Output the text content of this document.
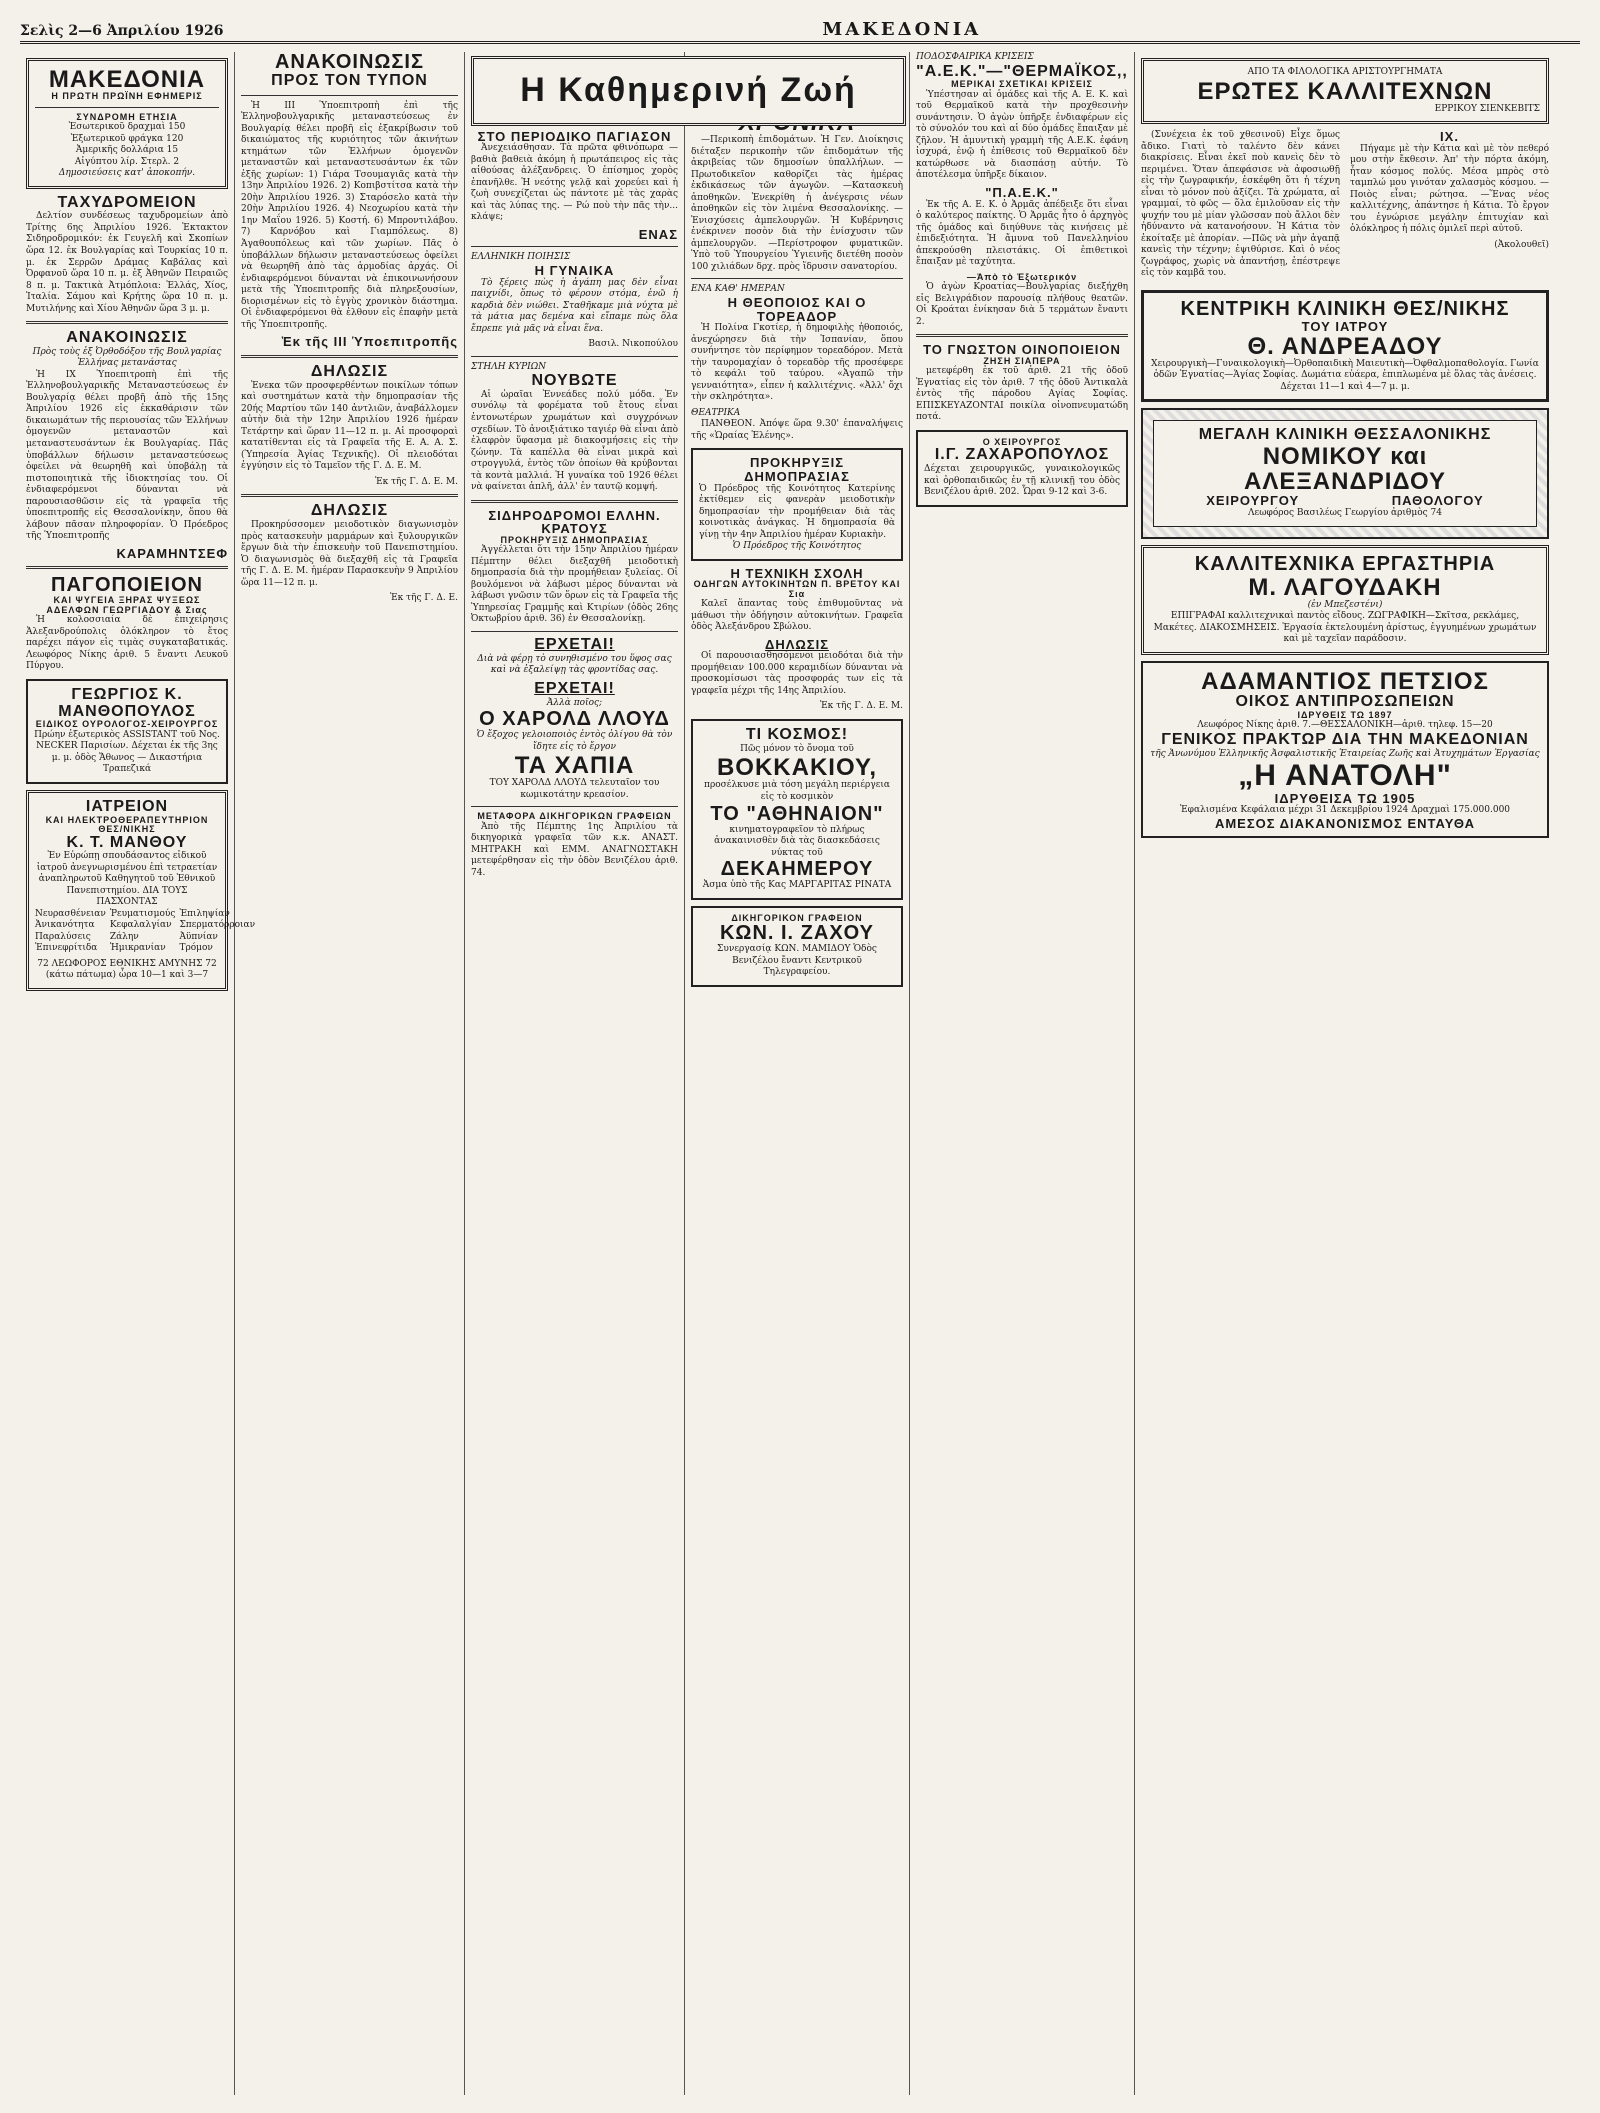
Σελὶς 2—6 Ἀπριλίου 1926	ΜΑΚΕΔΟΝΙΑ
ΜΑΚΕΔΟΝΙΑ
Η ΠΡΩΤΗ ΠΡΩΪΝΗ ΕΦΗΜΕΡΙΣ
ΣΥΝΔΡΟΜΗ ΕΤΗΣΙΑ
Ἐσωτερικοῦ δραχμαὶ 150
Ἐξωτερικοῦ φράγκα 120
Ἀμερικῆς δολλάρια 15
Αἰγύπτου λίρ. Στερλ. 2
Δημοσιεύσεις κατ' ἀποκοπήν.
ΤΑΧΥΔΡΟΜΕΙΟΝ
Δελτίον συνδέσεως ταχυδρομείων ἀπὸ Τρίτης 6ης Ἀπριλίου 1926. Ἐκτακτον Σιδηροδρομικόν: ἐκ Γευγελῆ καὶ Σκοπίων ὥρα 12. ἐκ Βουλγαρίας καὶ Τουρκίας 10 π. μ. ἐκ Σερρῶν Δράμας Καβάλας καὶ Ὀρφανοῦ ὥρα 10 π. μ. ἐξ Ἀθηνῶν Πειραιῶς 8 π. μ. Τακτικὰ Ἀτμόπλοια: Ἐλλάς, Χίος, Ἰταλία. Σάμου καὶ Κρήτης ὥρα 10 π. μ. Μυτιλήνης καὶ Χίου Ἀθηνῶν ὥρα 3 μ. μ.
ΑΝΑΚΟΙΝΩΣΙΣ
Πρὸς τοὺς ἐξ Ὀρθοδόξου τῆς Βουλγαρίας Ἑλλήνας μετανάστας
Ἡ ΙΧ Ὑποεπιτροπὴ ἐπὶ τῆς Ἑλληνοβουλγαρικῆς Μεταναστεύσεως ἐν Βουλγαρίᾳ θέλει προβῆ ἀπὸ τῆς 15ης Ἀπριλίου 1926 εἰς ἐκκαθάρισιν τῶν δικαιωμάτων τῆς περιουσίας τῶν Ἑλλήνων ὁμογενῶν μεταναστῶν καὶ μεταναστευσάντων ἐκ Βουλγαρίας. Πᾶς ὑποβάλλων δήλωσιν μεταναστεύσεως ὀφείλει νὰ θεωρηθῆ καὶ ὑποβάλῃ τὰ πιστοποιητικὰ τῆς ἰδιοκτησίας του. Οἱ ἐνδιαφερόμενοι δύνανται νὰ παρουσιασθῶσιν εἰς τὰ γραφεῖα τῆς ὑποεπιτροπῆς εἰς Θεσσαλονίκην, ὅπου θὰ λάβουν πᾶσαν πληροφορίαν. Ὁ Πρόεδρος τῆς Ὑποεπιτροπῆς
ΚΑΡΑΜΗΝΤΣΕΦ
ΠΑΓΟΠΟΙΕΙΟΝ
ΚΑΙ ΨΥΓΕΙΑ ΞΗΡΑΣ ΨΥΞΕΩΣ ΑΔΕΛΦΩΝ ΓΕΩΡΓΙΑΔΟΥ & Σιας
Ἡ κολοσσιαία δὲ ἐπιχείρησις Ἀλεξανδρούπολις ὁλόκληρον τὸ ἔτος παρέχει πάγον εἰς τιμὰς συγκαταβατικάς. Λεωφόρος Νίκης ἀριθ. 5 ἔναντι Λευκοῦ Πύργου.
ΓΕΩΡΓΙΟΣ Κ. ΜΑΝΘΟΠΟΥΛΟΣ
ΕΙΔΙΚΟΣ ΟΥΡΟΛΟΓΟΣ-ΧΕΙΡΟΥΡΓΟΣ
Πρώην ἐξωτερικὸς ASSISTANT τοῦ Νος. NECKER Παρισίων. Δέχεται ἐκ τῆς 3ης μ. μ. ὁδὸς Ἄθωνος — Δικαστήρια Τραπεζικά
ΙΑΤΡΕΙΟΝ
ΚΑΙ ΗΛΕΚΤΡΟΘΕΡΑΠΕΥΤΗΡΙΟΝ ΘΕΣ/ΝΙΚΗΣ
Κ. Τ. ΜΑΝΘΟΥ
Ἐν Εὐρώπῃ σπουδάσαντος εἰδικοῦ ἰατροῦ ἀνεγνωρισμένου ἐπὶ τετραετίαν ἀναπληρωτοῦ Καθηγητοῦ τοῦ Ἐθνικοῦ Πανεπιστημίου. ΔΙΑ ΤΟΥΣ ΠΑΣΧΟΝΤΑΣ
Νευρασθένειαν Ῥευματισμούς Ἐπιληψίαν
Ἀνικανότητα	Κεφαλαλγίαν Σπερματόρροιαν
Παραλύσεις	Ζάλην	Ἀϋπνίαν
Ἐπινεφρίτιδα	Ἡμικρανίαν	Τρόμον
72 ΛΕΩΦΟΡΟΣ ΕΘΝΙΚΗΣ ΑΜΥΝΗΣ 72 (κάτω πάτωμα) ὧρα 10—1 καὶ 3—7
ΑΝΑΚΟΙΝΩΣΙΣ
ΠΡΟΣ ΤΟΝ ΤΥΠΟΝ
Ἡ ΙΙΙ Ὑποεπιτροπὴ ἐπὶ τῆς Ἑλληνοβουλγαρικῆς μεταναστεύσεως ἐν Βουλγαρίᾳ θέλει προβῆ εἰς ἐξακρίβωσιν τοῦ δικαιώματος τῆς κυριότητος τῶν ἀκινήτων κτημάτων τῶν Ἑλλήνων ὁμογενῶν μεταναστῶν καὶ μεταναστευσάντων ἐκ τῶν ἑξῆς χωρίων: 1) Γιάρα Τσουμαγιᾶς κατὰ τὴν 13ην Ἀπριλίου 1926. 2) Κοπιβστίτσα κατὰ τὴν 20ὴν Ἀπριλίου 1926. 3) Σταρόσελο κατὰ τὴν 20ὴν Ἀπριλίου 1926. 4) Νεοχωρίου κατὰ τὴν 1ην Μαΐου 1926. 5) Κοστή. 6) Μπροντιλάβου. 7) Καρνόβου καὶ Γιαμπόλεως. 8) Ἀγαθουπόλεως καὶ τῶν χωρίων. Πᾶς ὁ ὑποβάλλων δήλωσιν μεταναστεύσεως ὀφείλει νὰ θεωρηθῆ ἀπὸ τὰς ἁρμοδίας ἀρχάς. Οἱ ἐνδιαφερόμενοι δύνανται νὰ ἐπικοινωνήσουν μετὰ τῆς Ὑποεπιτροπῆς διὰ πληρεξουσίων, διορισμένων εἰς τὸ ἐγγὺς χρονικὸν διάστημα. Οἱ ἐνδιαφερόμενοι θὰ ἐλθουν εἰς ἐπαφὴν μετὰ τῆς Ὑποεπιτροπῆς.
Ἐκ τῆς ΙΙΙ Ὑποεπιτροπῆς
ΔΗΛΩΣΙΣ
Ἐνεκα τῶν προσφερθέντων ποικίλων τόπων καὶ συστημάτων κατὰ τὴν δημοπρασίαν τῆς 20ής Μαρτίου τῶν 140 ἀντλιῶν, ἀναβάλλομεν αὐτὴν διὰ τὴν 12ην Ἀπριλίου 1926 ἡμέραν Τετάρτην καὶ ὥραν 11—12 π. μ. Αἱ προσφοραὶ κατατίθενται εἰς τὰ Γραφεῖα τῆς Ε. Α. Α. Σ. (Ὑπηρεσία Ἀγίας Τεχνικῆς). Οἱ πλειοδόται ἐγγύησιν εἰς τὸ Ταμεῖον τῆς Γ. Δ. Ε. Μ.
Ἐκ τῆς Γ. Δ. Ε. Μ.
ΔΗΛΩΣΙΣ
Προκηρύσσομεν μειοδοτικὸν διαγωνισμὸν πρὸς κατασκευὴν μαρμάρων καὶ ξυλουργικῶν ἔργων διὰ τὴν ἐπισκευὴν τοῦ Πανεπιστημίου. Ὁ διαγωνισμὸς θὰ διεξαχθῆ εἰς τὰ Γραφεῖα τῆς Γ. Δ. Ε. Μ. ἡμέραν Παρασκευὴν 9 Ἀπριλίου ὥρα 11—12 π. μ.
Ἐκ τῆς Γ. Δ. Ε.
Η Καθημερινή Ζωή
ΣΤΟ ΠΕΡΙΟΔΙΚΟ ΠΑΓΙΑΣΟΝ
Ἀνεχειάσθησαν. Τὰ πρῶτα φθινόπωρα — βαθιὰ βαθειὰ ἀκόμη ἡ πρωτάπειρος εἰς τὰς αἰθούσας ἀλέξανδρεις. Ὁ ἐπίσημος χορὸς ἐπανῆλθε. Ἡ νεότης γελᾷ καὶ χορεύει καὶ ἡ ζωὴ συνεχίζεται ὡς πάντοτε μὲ τὰς χαρὰς καὶ τὰς λύπας της. — Ρώ ποὺ τὴν πᾶς τὴν... κλάψε;
ΕΝΑΣ
ΕΛΛΗΝΙΚΗ ΠΟΙΗΣΙΣ
Η ΓΥΝΑΙΚΑ
Τὸ ξέρεις πὼς ἡ ἀγάπη μας δὲν εἶναι παιχνίδι, ὅπως τὸ φέρουν στόμα, ἐνῶ ἡ καρδιὰ δὲν νιώθει. Σταθῆκαμε μιὰ νύχτα μὲ τὰ μάτια μας δεμένα καὶ εἴπαμε πὼς ὅλα ἔπρεπε γιὰ μᾶς νὰ εἶναι ἕνα.
Βασιλ. Νικοπούλου
ΣΤΗΛΗ ΚΥΡΙΩΝ
ΝΟΥΒΩΤΕ
Αἱ ὡραῖαι Ἐννεάδες πολύ μόδα. Ἐν συνόλῳ τὰ φορέματα τοῦ ἔτους εἶναι ἐντονωτέρων χρωμάτων καὶ συγχρόνων σχεδίων. Τὸ ἀνοιξιάτικο ταγιέρ θὰ εἶναι ἀπὸ ἐλαφρὸν ὕφασμα μὲ διακοσμήσεις εἰς τὴν ζώνην. Τὰ καπέλλα θὰ εἶναι μικρὰ καὶ στρογγυλά, ἐντὸς τῶν ὁποίων θὰ κρύβονται τὰ κοντὰ μαλλιά. Ἡ γυναίκα τοῦ 1926 θέλει νὰ φαίνεται ἁπλῆ, ἀλλ' ἐν ταυτῷ κομψή.
ΣΙΔΗΡΟΔΡΟΜΟΙ ΕΛΛΗΝ. ΚΡΑΤΟΥΣ
ΠΡΟΚΗΡΥΞΙΣ ΔΗΜΟΠΡΑΣΙΑΣ
Ἀγγέλλεται ὅτι τὴν 15ην Ἀπριλίου ἡμέραν Πέμπτην θέλει διεξαχθῆ μειοδοτικὴ δημοπρασία διὰ τὴν προμήθειαν ξυλείας. Οἱ βουλόμενοι νὰ λάβωσι μέρος δύνανται νὰ λάβωσι γνῶσιν τῶν ὅρων εἰς τὰ Γραφεῖα τῆς Ὑπηρεσίας Γραμμῆς καὶ Κτιρίων (ὁδὸς 26ης Ὀκτωβρίου ἀριθ. 36) ἐν Θεσσαλονίκῃ.
ΕΡΧΕΤΑΙ!
Διὰ νὰ φέρῃ τὸ συνηθισμένο του ὕφος σας καὶ νὰ ἐξαλείψῃ τὰς φροντίδας σας.
ΕΡΧΕΤΑΙ!
Ἀλλὰ ποῖος;
Ο ΧΑΡΟΛΔ ΛΛΟΥΔ
Ὁ ἔξοχος γελοιοποιὸς ἐντὸς ὀλίγου θὰ τὸν ἴδητε εἰς τὸ ἔργον
ΤΑ ΧΑΠΙΑ
ΤΟΥ ΧΑΡΟΛΔ ΛΛΟΥΔ τελευταῖον του κωμικοτάτην κρεασίον.
ΜΕΤΑΦΟΡΑ ΔΙΚΗΓΟΡΙΚΩΝ ΓΡΑΦΕΙΩΝ
Ἀπὸ τῆς Πέμπτης 1ης Ἀπριλίου τὰ δικηγορικὰ γραφεῖα τῶν κ.κ. ΑΝΑΣΤ. ΜΗΤΡΑΚΗ καὶ ΕΜΜ. ΑΝΑΓΝΩΣΤΑΚΗ μετεφέρθησαν εἰς τὴν ὁδὸν Βενιζέλου ἀριθ. 74.
—Περικοπὴ ἐπιδομάτων. Ἡ Γεν. Διοίκησις διέταξεν περικοπὴν τῶν ἐπιδομάτων τῆς ἀκριβείας τῶν δημοσίων ὑπαλλήλων. —Πρωτοδικεῖον καθορίζει τὰς ἡμέρας ἐκδικάσεως τῶν ἀγωγῶν. —Κατασκευὴ ἀποθηκῶν. Ἐνεκρίθη ἡ ἀνέγερσις νέων ἀποθηκῶν εἰς τὸν λιμένα Θεσσαλονίκης. —Ἐνισχύσεις ἀμπελουργῶν. Ἡ Κυβέρνησις ἐνέκρινεν ποσὸν διὰ τὴν ἐνίσχυσιν τῶν ἀμπελουργῶν. —Περίστροφον φυματικῶν. Ὑπὸ τοῦ Ὑπουργείου Ὑγιεινῆς διετέθη ποσὸν 100 χιλιάδων δρχ. πρὸς ἵδρυσιν σανατορίου.
ΕΝΑ ΚΑΘ' ΗΜΕΡΑΝ
Η ΘΕΟΠΟΙΟΣ ΚΑΙ Ο ΤΟΡΕΑΔΟΡ
Ἡ Πολίνα Γκοτίερ, ἡ δημοφιλὴς ἠθοποιός, ἀνεχώρησεν διὰ τὴν Ἰσπανίαν, ὅπου συνήντησε τὸν περίφημον τορεαδόρον. Μετὰ τὴν ταυρομαχίαν ὁ τορεαδὸρ τῆς προσέφερε τὸ κεφάλι τοῦ ταύρου. «Ἀγαπῶ τὴν γενναιότητα», εἶπεν ἡ καλλιτέχνις. «Ἀλλ' ὄχι τὴν σκληρότητα».
ΘΕΑΤΡΙΚΑ
ΠΑΝΘΕΟΝ. Ἀπόψε ὥρα 9.30' ἐπαναλήψεις τῆς «Ὡραίας Ἑλένης».
ΠΡΟΚΗΡΥΞΙΣ ΔΗΜΟΠΡΑΣΙΑΣ
Ὁ Πρόεδρος τῆς Κοινότητος Κατερίνης ἐκτίθεμεν εἰς φανερὰν μειοδοτικὴν δημοπρασίαν τὴν προμήθειαν διὰ τὰς κοινοτικὰς ἀνάγκας. Ἡ δημοπρασία θὰ γίνῃ τὴν 4ην Ἀπριλίου ἡμέραν Κυριακὴν.
Ὁ Πρόεδρος τῆς Κοινότητος
Η ΤΕΧΝΙΚΗ ΣΧΟΛΗ
ΟΔΗΓΩΝ ΑΥΤΟΚΙΝΗΤΩΝ Π. ΒΡΕΤΟΥ ΚΑΙ Σια
Καλεῖ ἅπαντας τοὺς ἐπιθυμοῦντας νὰ μάθωσι τὴν ὁδήγησιν αὐτοκινήτων. Γραφεῖα ὁδὸς Ἀλεξάνδρου Σβώλου.
ΔΗΛΩΣΙΣ
Οἱ παρουσιασθησόμενοι μειοδόται διὰ τὴν προμήθειαν 100.000 κεραμιδίων δύνανται νὰ προσκομίσωσι τὰς προσφοράς των εἰς τὰ γραφεῖα μέχρι τῆς 14ης Ἀπριλίου.
Ἐκ τῆς Γ. Δ. Ε. Μ.
ΤΙ ΚΟΣΜΟΣ!
Πῶς μόνον τὸ ὄνομα τοῦ
ΒΟΚΚΑΚΙΟΥ,
προσέλκυσε μιὰ τόση μεγάλη περιέργεια εἰς τὸ κοσμικὸν
ΤΟ "ΑΘΗΝΑΙΟΝ"
κινηματογραφεῖον τὸ πλήρως ἀνακαινισθὲν διὰ τὰς διασκεδάσεις νύκτας τοῦ
ΔΕΚΑΗΜΕΡΟΥ
Ἀσμα ὑπὸ τῆς Κας ΜΑΡΓΑΡΙΤΑΣ ΡΙΝΑΤΑ
ΔΙΚΗΓΟΡΙΚΟΝ ΓΡΑΦΕΙΟΝ
ΚΩΝ. Ι. ΖΑΧΟΥ
Συνεργασίᾳ ΚΩΝ. ΜΑΜΙΔΟΥ Ὁδὸς Βενιζέλου ἔναντι Κεντρικοῦ Τηλεγραφείου.
ΠΟΔΟΣΦΑΙΡΙΚΑ ΚΡΙΣΕΙΣ
"Α.Ε.Κ."—"ΘΕΡΜΑΪΚΟΣ,,
ΜΕΡΙΚΑΙ ΣΧΕΤΙΚΑΙ ΚΡΙΣΕΙΣ
Ὑπέστησαν αἱ ὁμάδες καὶ τῆς Α. Ε. Κ. καὶ τοῦ Θερμαϊκοῦ κατὰ τὴν προχθεσινὴν συνάντησιν. Ὁ ἀγὼν ὑπῆρξε ἐνδιαφέρων εἰς τὸ σύνολόν του καὶ αἱ δύο ὁμάδες ἔπαιξαν μὲ ζῆλον. Ἡ ἀμυντικὴ γραμμὴ τῆς Α.Ε.Κ. ἐφάνη ἰσχυρά, ἐνῷ ἡ ἐπίθεσις τοῦ Θερμαϊκοῦ δὲν κατώρθωσε νὰ διασπάσῃ αὐτήν. Τὸ ἀποτέλεσμα ὑπῆρξε δίκαιον.
"Π.Α.Ε.Κ."
Ἐκ τῆς Α. Ε. Κ. ὁ Ἀρμᾶς ἀπέδειξε ὅτι εἶναι ὁ καλύτερος παίκτης. Ὁ Ἀρμᾶς ἦτο ὁ ἀρχηγὸς τῆς ὁμάδος καὶ διηύθυνε τὰς κινήσεις μὲ ἐπιδεξιότητα. Ἡ ἄμυνα τοῦ Πανελληνίου ἀπεκρούσθη πλειστάκις. Οἱ ἐπιθετικοὶ ἔπαιξαν μὲ ταχύτητα.
—Ἀπὸ τὸ Ἐξωτερικόν
Ὁ ἀγὼν Κροατίας—Βουλγαρίας διεξήχθη εἰς Βελιγράδιον παρουσίᾳ πλήθους θεατῶν. Οἱ Κροάται ἐνίκησαν διὰ 5 τερμάτων ἔναντι 2.
ΤΟ ΓΝΩΣΤΟΝ ΟΙΝΟΠΟΙΕΙΟΝ
ΖΗΣΗ ΣΙΑΠΕΡΑ
μετεφέρθη ἐκ τοῦ ἀριθ. 21 τῆς ὁδοῦ Ἐγνατίας εἰς τὸν ἀριθ. 7 τῆς ὁδοῦ Ἀντικαλὰ ἐντὸς τῆς πάροδου Αγίας Σοφίας. ΕΠΙΣΚΕΥΑΖΟΝΤΑΙ ποικίλα οἰνοπνευματώδη ποτά.
Ο ΧΕΙΡΟΥΡΓΟΣ
Ι.Γ. ΖΑΧΑΡΟΠΟΥΛΟΣ
Δέχεται χειρουργικῶς, γυναικολογικῶς καὶ ὀρθοπαιδικῶς ἐν τῇ κλινικῇ του ὁδὸς Βενιζέλου ἀριθ. 202. Ὧραι 9-12 καὶ 3-6.
ΑΠΟ ΤΑ ΦΙΛΟΛΟΓΙΚΑ ΑΡΙΣΤΟΥΡΓΗΜΑΤΑ
ΕΡΩΤΕΣ ΚΑΛΛΙΤΕΧΝΩΝ
ΕΡΡΙΚΟΥ ΣΙΕΝΚΕΒΙΤΣ
(Συνέχεια ἐκ τοῦ χθεσινοῦ) Εἶχε ὅμως ἄδικο. Γιατὶ τὸ ταλέντο δὲν κάνει διακρίσεις. Εἶναι ἐκεῖ ποὺ κανεὶς δὲν τὸ περιμένει. Ὅταν ἀπεφάσισε νὰ ἀφοσιωθῇ εἰς τὴν ζωγραφικήν, ἐσκέφθη ὅτι ἡ τέχνη εἶναι τὸ μόνον ποὺ ἀξίζει. Τὰ χρώματα, αἱ γραμμαί, τὸ φῶς — ὅλα ἐμιλοῦσαν εἰς τὴν ψυχήν του μὲ μίαν γλῶσσαν ποὺ ἄλλοι δὲν ἠδύναντο νὰ κατανοήσουν. Ἡ Κάτια τὸν ἐκοίταξε μὲ ἀπορίαν. —Πῶς νὰ μὴν ἀγαπᾷ κανεὶς τὴν τέχνην; ἐψιθύρισε. Καὶ ὁ νέος ζωγράφος, χωρὶς νὰ ἀπαντήσῃ, ἐπέστρεψε εἰς τὸν καμβᾶ του.
ΙΧ.
Πήγαμε μὲ τὴν Κάτια καὶ μὲ τὸν πεθερό μου στὴν ἔκθεσιν. Ἀπ' τὴν πόρτα ἀκόμη, ἦταν κόσμος πολύς. Μέσα μπρὸς στὸ ταμπλώ μου γινόταν χαλασμὸς κόσμου. —Ποιὸς εἶναι; ρώτησα. —Ἕνας νέος καλλιτέχνης, ἀπάντησε ἡ Κάτια. Τὸ ἔργον του ἐγνώρισε μεγάλην ἐπιτυχίαν καὶ ὁλόκληρος ἡ πόλις ὁμιλεῖ περὶ αὐτοῦ.
(Ἀκολουθεῖ)
ΚΕΝΤΡΙΚΗ ΚΛΙΝΙΚΗ ΘΕΣ/ΝΙΚΗΣ
ΤΟΥ ΙΑΤΡΟΥ
Θ. ΑΝΔΡΕΑΔΟΥ
Χειρουργικὴ—Γυναικολογικὴ—Ὀρθοπαιδικὴ Μαιευτικὴ—Ὀφθαλμοπαθολογία. Γωνία ὁδῶν Ἐγνατίας—Ἁγίας Σοφίας. Δωμάτια εὐάερα, ἐπιπλωμένα μὲ ὅλας τὰς ἀνέσεις. Δέχεται 11—1 καὶ 4—7 μ. μ.
ΜΕΓΑΛΗ ΚΛΙΝΙΚΗ ΘΕΣΣΑΛΟΝΙΚΗΣ
ΝΟΜΙΚΟΥ και ΑΛΕΞΑΝΔΡΙΔΟΥ
ΧΕΙΡΟΥΡΓΟΥ	ΠΑΘΟΛΟΓΟΥ
Λεωφόρος Βασιλέως Γεωργίου ἀριθμὸς 74
ΚΑΛΛΙΤΕΧΝΙΚΑ ΕΡΓΑΣΤΗΡΙΑ
Μ. ΛΑΓΟΥΔΑΚΗ
(ἐν Μπεζεστένι)
ΕΠΙΓΡΑΦΑΙ καλλιτεχνικαὶ παντὸς εἴδους. ΖΩΓΡΑΦΙΚΗ—Σκῖτσα, ρεκλάμες, Μακέτες. ΔΙΑΚΟΣΜΗΣΕΙΣ. Ἐργασία ἐκτελουμένη ἀρίστως, ἐγγυημένων χρωμάτων καὶ μὲ ταχεῖαν παράδοσιν.
ΑΔΑΜΑΝΤΙΟΣ ΠΕΤΣΙΟΣ
ΟΙΚΟΣ ΑΝΤΙΠΡΟΣΩΠΕΙΩΝ
ΙΔΡΥΘΕΙΣ ΤΩ 1897
Λεωφόρος Νίκης ἀριθ. 7.—ΘΕΣΣΑΛΟΝΙΚΗ—ἀριθ. τηλεφ. 15—20
ΓΕΝΙΚΟΣ ΠΡΑΚΤΩΡ ΔΙΑ ΤΗΝ ΜΑΚΕΔΟΝΙΑΝ
τῆς Ἀνωνύμου Ἑλληνικῆς Ἀσφαλιστικῆς Ἑταιρείας Ζωῆς καὶ Ἀτυχημάτων Ἐργασίας
„Η ΑΝΑΤΟΛΗ"
ΙΔΡΥΘΕΙΣΑ ΤΩ 1905
Ἐφαλισμένα Κεφάλαια μέχρι 31 Δεκεμβρίου 1924 Δραχμαὶ 175.000.000
ΑΜΕΣΟΣ ΔΙΑΚΑΝΟΝΙΣΜΟΣ ΕΝΤΑΥΘΑ
